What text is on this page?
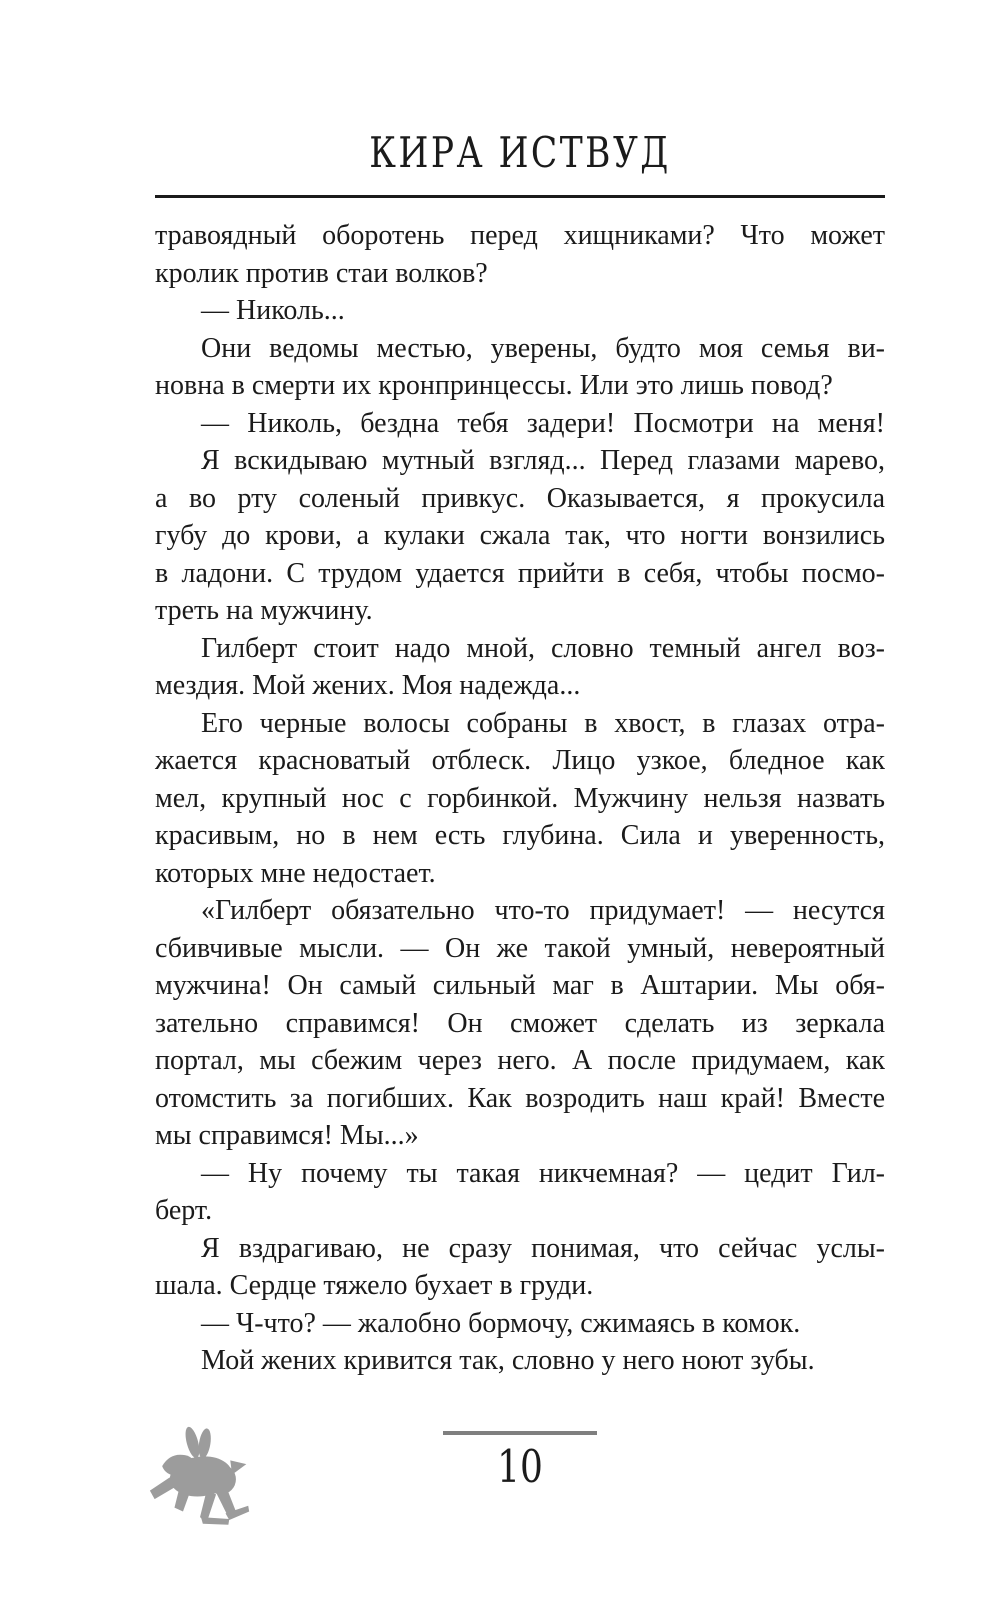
КИРА ИСТВУД
травоядный оборотень перед хищниками? Что может
кролик против стаи волков?
— Николь...
Они ведомы местью, уверены, будто моя семья ви-
новна в смерти их кронпринцессы. Или это лишь повод?
— Николь, бездна тебя задери! Посмотри на меня!
Я вскидываю мутный взгляд... Перед глазами марево,
а во рту соленый привкус. Оказывается, я прокусила
губу до крови, а кулаки сжала так, что ногти вонзились
в ладони. С трудом удается прийти в себя, чтобы посмо-
треть на мужчину.
Гилберт стоит надо мной, словно темный ангел воз-
мездия. Мой жених. Моя надежда...
Его черные волосы собраны в хвост, в глазах отра-
жается красноватый отблеск. Лицо узкое, бледное как
мел, крупный нос с горбинкой. Мужчину нельзя назвать
красивым, но в нем есть глубина. Сила и уверенность,
которых мне недостает.
«Гилберт обязательно что-то придумает! — несутся
сбивчивые мысли. — Он же такой умный, невероятный
мужчина! Он самый сильный маг в Аштарии. Мы обя-
зательно справимся! Он сможет сделать из зеркала
портал, мы сбежим через него. А после придумаем, как
отомстить за погибших. Как возродить наш край! Вместе
мы справимся! Мы...»
— Ну почему ты такая никчемная? — цедит Гил-
берт.
Я вздрагиваю, не сразу понимая, что сейчас услы-
шала. Сердце тяжело бухает в груди.
— Ч-что? — жалобно бормочу, сжимаясь в комок.
Мой жених кривится так, словно у него ноют зубы.
10
